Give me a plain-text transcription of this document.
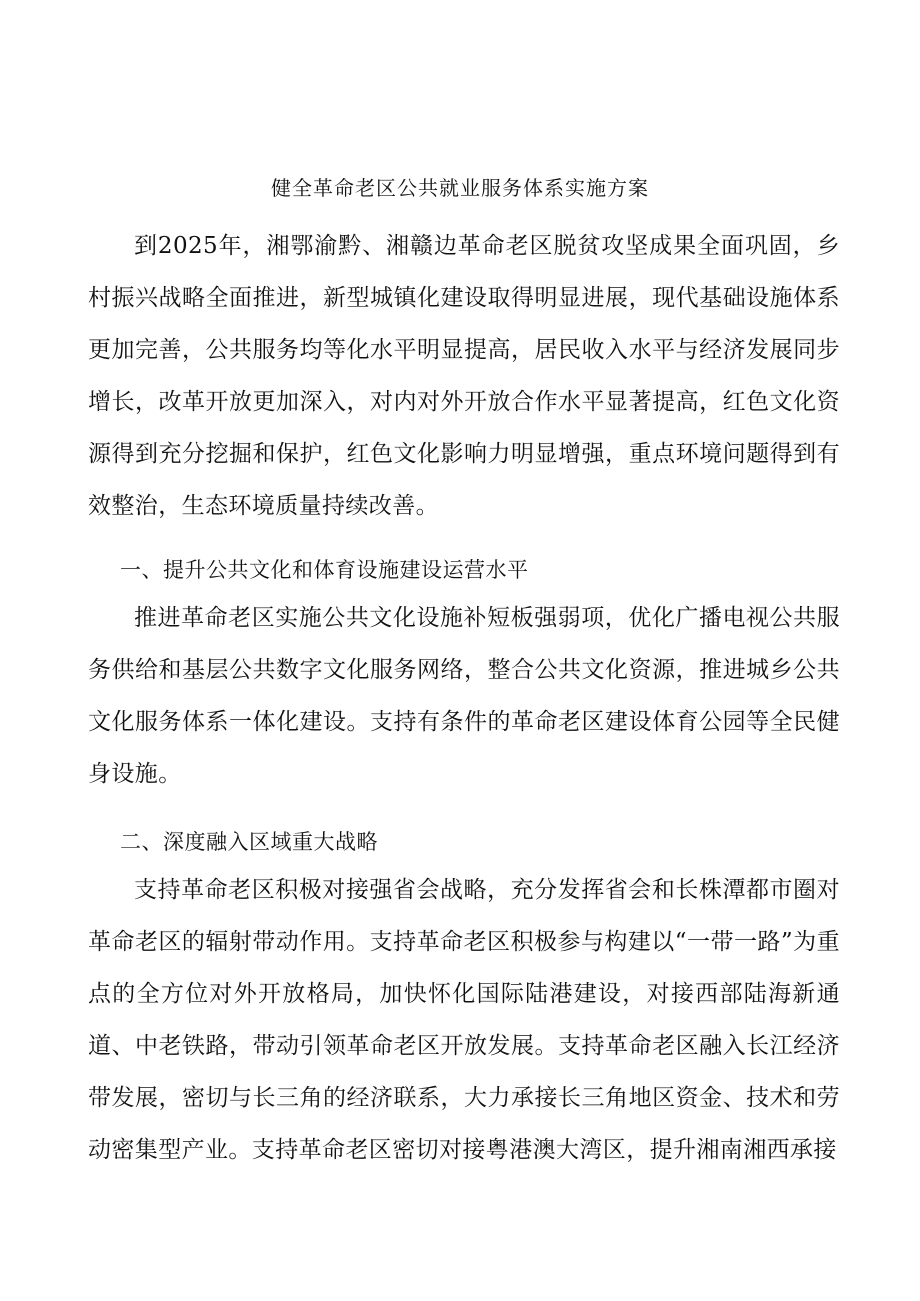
健全革命老区公共就业服务体系实施方案

到2025年，湘鄂渝黔、湘赣边革命老区脱贫攻坚成果全面巩固，乡村振兴战略全面推进，新型城镇化建设取得明显进展，现代基础设施体系更加完善，公共服务均等化水平明显提高，居民收入水平与经济发展同步增长，改革开放更加深入，对内对外开放合作水平显著提高，红色文化资源得到充分挖掘和保护，红色文化影响力明显增强，重点环境问题得到有效整治，生态环境质量持续改善。

一、提升公共文化和体育设施建设运营水平

推进革命老区实施公共文化设施补短板强弱项，优化广播电视公共服务供给和基层公共数字文化服务网络，整合公共文化资源，推进城乡公共文化服务体系一体化建设。支持有条件的革命老区建设体育公园等全民健身设施。

二、深度融入区域重大战略

支持革命老区积极对接强省会战略，充分发挥省会和长株潭都市圈对革命老区的辐射带动作用。支持革命老区积极参与构建以“一带一路”为重点的全方位对外开放格局，加快怀化国际陆港建设，对接西部陆海新通道、中老铁路，带动引领革命老区开放发展。支持革命老区融入长江经济带发展，密切与长三角的经济联系，大力承接长三角地区资金、技术和劳动密集型产业。支持革命老区密切对接粤港澳大湾区，提升湘南湘西承接
